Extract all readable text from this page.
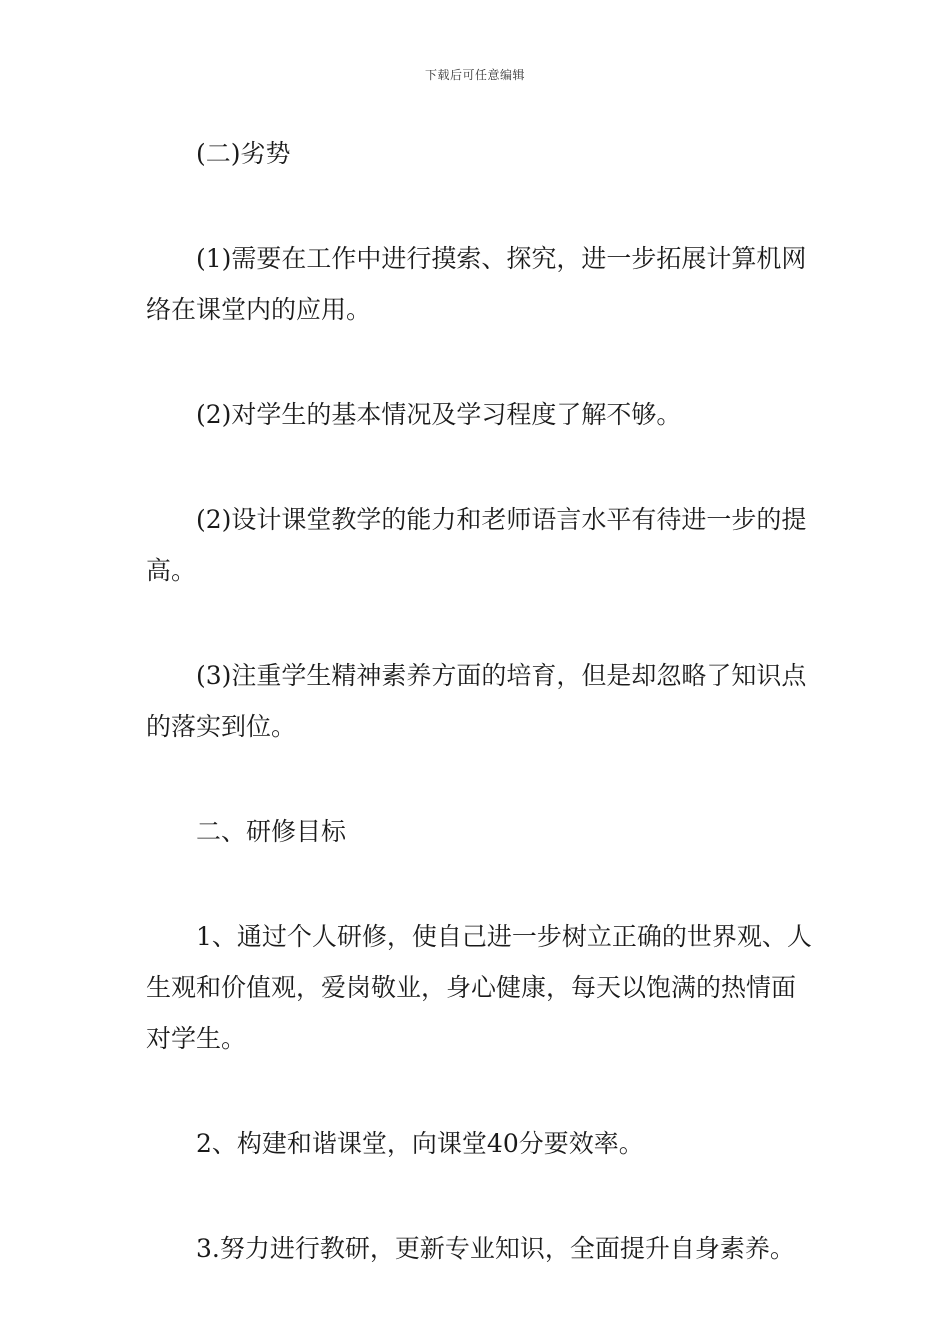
下载后可任意编辑

(二)劣势

(1)需要在工作中进行摸索、探究，进一步拓展计算机网络在课堂内的应用。

(2)对学生的基本情况及学习程度了解不够。

(2)设计课堂教学的能力和老师语言水平有待进一步的提高。

(3)注重学生精神素养方面的培育，但是却忽略了知识点的落实到位。

二、研修目标

1、通过个人研修，使自己进一步树立正确的世界观、人生观和价值观，爱岗敬业，身心健康，每天以饱满的热情面对学生。

2、构建和谐课堂，向课堂40分要效率。

3.努力进行教研，更新专业知识，全面提升自身素养。
